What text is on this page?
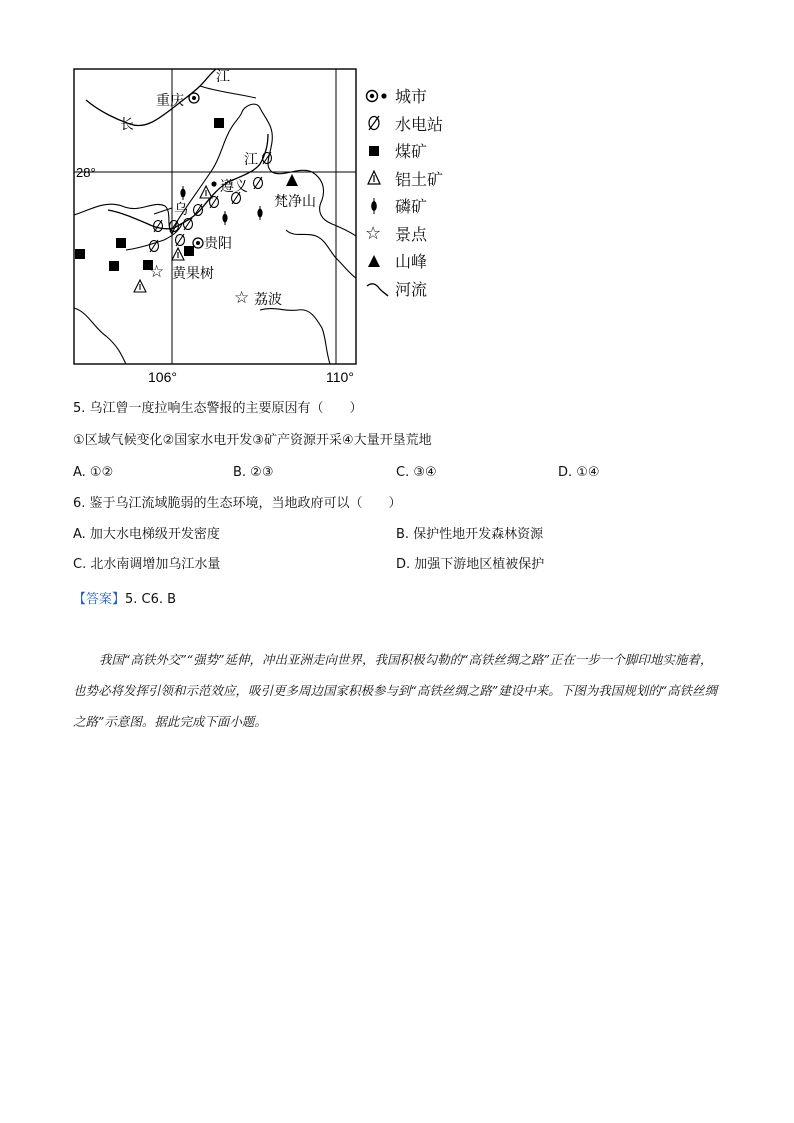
江
重庆
长
江
28°
遵义
乌	梵净山
贵阳
黄果树
荔波
106°	110°
☆
☆
城市
水电站
煤矿
铝土矿
磷矿
☆ 景点
山峰
河流
5. 乌江曾一度拉响生态警报的主要原因有（　　）
①区域气候变化②国家水电开发③矿产资源开采④大量开垦荒地
A. ①②	B. ②③	C. ③④	D. ①④
6. 鉴于乌江流域脆弱的生态环境，当地政府可以（　　）
A. 加大水电梯级开发密度	B. 保护性地开发森林资源
C. 北水南调增加乌江水量	D. 加强下游地区植被保护
【答案】5. C6. B
我国“高铁外交”“强势”延伸，冲出亚洲走向世界，我国积极勾勒的“高铁丝绸之路”正在一步一个脚印地实施着，也势必将发挥引领和示范效应，吸引更多周边国家积极参与到“高铁丝绸之路”建设中来。下图为我国规划的“高铁丝绸之路”示意图。据此完成下面小题。
